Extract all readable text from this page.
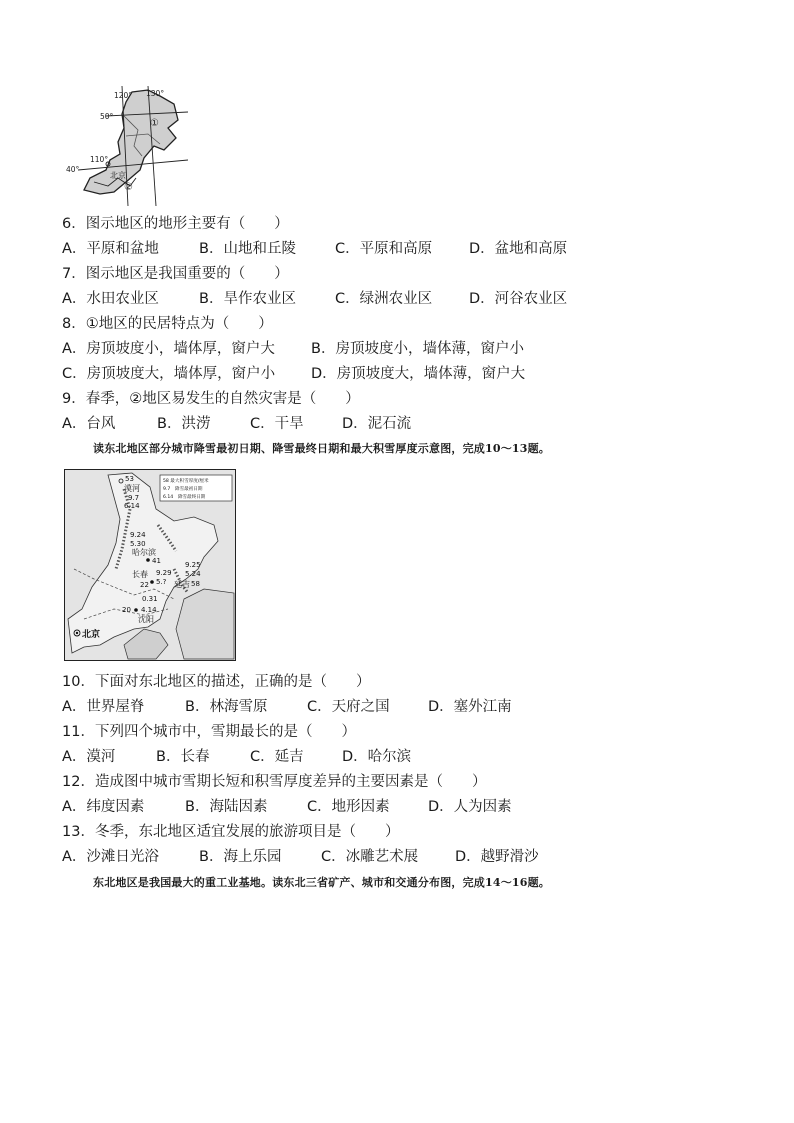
120° 130°
50°
110°
40°
①
②
北京
6．图示地区的地形主要有（　　）
A．平原和盆地	B．山地和丘陵	C．平原和高原	D．盆地和高原
7．图示地区是我国重要的（　　）
A．水田农业区	B．旱作农业区	C．绿洲农业区	D．河谷农业区
8．①地区的民居特点为（　　）
A．房顶坡度小，墙体厚，窗户大 B．房顶坡度小，墙体薄，窗户小
C．房顶坡度大，墙体厚，窗户小 D．房顶坡度大，墙体薄，窗户大
9．春季，②地区易发生的自然灾害是（　　）
A．台风	B．洪涝	C．干旱	D．泥石流
读东北地区部分城市降雪最初日期、降雪最终日期和最大积雪厚度示意图，完成10～13题。
58 最大积雪厚度/厘米
9.7　降雪最初日期
6.14　降雪最终日期
53
漠河
9.7
6.14
9.24
5.30
哈尔滨
41
长春 9.29
5.?
22
9.25
5.24
延吉 58
0.31
20 4.14
沈阳
北京
10．下面对东北地区的描述，正确的是（　　）
A．世界屋脊	B．林海雪原	C．天府之国	D．塞外江南
11．下列四个城市中，雪期最长的是（　　）
A．漠河	B．长春	C．延吉	D．哈尔滨
12．造成图中城市雪期长短和积雪厚度差异的主要因素是（　　）
A．纬度因素	B．海陆因素	C．地形因素	D．人为因素
13．冬季，东北地区适宜发展的旅游项目是（　　）
A．沙滩日光浴	B．海上乐园	C．冰雕艺术展	D．越野滑沙
东北地区是我国最大的重工业基地。读东北三省矿产、城市和交通分布图，完成14～16题。
